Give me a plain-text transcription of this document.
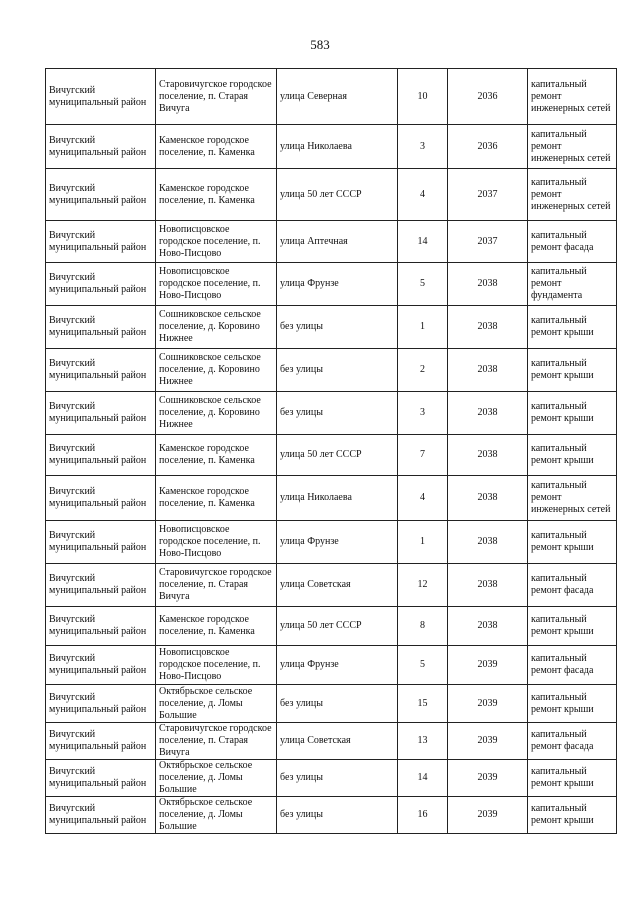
583
Вичугский муниципальный район	Старовичугское городское поселение, п. Старая Вичуга	улица Северная	10	2036	капитальный ремонт инженерных сетей
Вичугский муниципальный район	Каменское городское поселение, п. Каменка	улица Николаева	3	2036	капитальный ремонт инженерных сетей
Вичугский муниципальный район	Каменское городское поселение, п. Каменка	улица 50 лет СССР	4	2037	капитальный ремонт инженерных сетей
Вичугский муниципальный район	Новописцовское городское поселение, п. Ново-Писцово	улица Аптечная	14	2037	капитальный ремонт фасада
Вичугский муниципальный район	Новописцовское городское поселение, п. Ново-Писцово	улица Фрунзе	5	2038	капитальный ремонт фундамента
Вичугский муниципальный район	Сошниковское сельское поселение, д. Коровино Нижнее	без улицы	1	2038	капитальный ремонт крыши
Вичугский муниципальный район	Сошниковское сельское поселение, д. Коровино Нижнее	без улицы	2	2038	капитальный ремонт крыши
Вичугский муниципальный район	Сошниковское сельское поселение, д. Коровино Нижнее	без улицы	3	2038	капитальный ремонт крыши
Вичугский муниципальный район	Каменское городское поселение, п. Каменка	улица 50 лет СССР	7	2038	капитальный ремонт крыши
Вичугский муниципальный район	Каменское городское поселение, п. Каменка	улица Николаева	4	2038	капитальный ремонт инженерных сетей
Вичугский муниципальный район	Новописцовское городское поселение, п. Ново-Писцово	улица Фрунзе	1	2038	капитальный ремонт крыши
Вичугский муниципальный район	Старовичугское городское поселение, п. Старая Вичуга	улица Советская	12	2038	капитальный ремонт фасада
Вичугский муниципальный район	Каменское городское поселение, п. Каменка	улица 50 лет СССР	8	2038	капитальный ремонт крыши
Вичугский муниципальный район	Новописцовское городское поселение, п. Ново-Писцово	улица Фрунзе	5	2039	капитальный ремонт фасада
Вичугский муниципальный район	Октябрьское сельское поселение, д. Ломы Большие	без улицы	15	2039	капитальный ремонт крыши
Вичугский муниципальный район	Старовичугское городское поселение, п. Старая Вичуга	улица Советская	13	2039	капитальный ремонт фасада
Вичугский муниципальный район	Октябрьское сельское поселение, д. Ломы Большие	без улицы	14	2039	капитальный ремонт крыши
Вичугский муниципальный район	Октябрьское сельское поселение, д. Ломы Большие	без улицы	16	2039	капитальный ремонт крыши
